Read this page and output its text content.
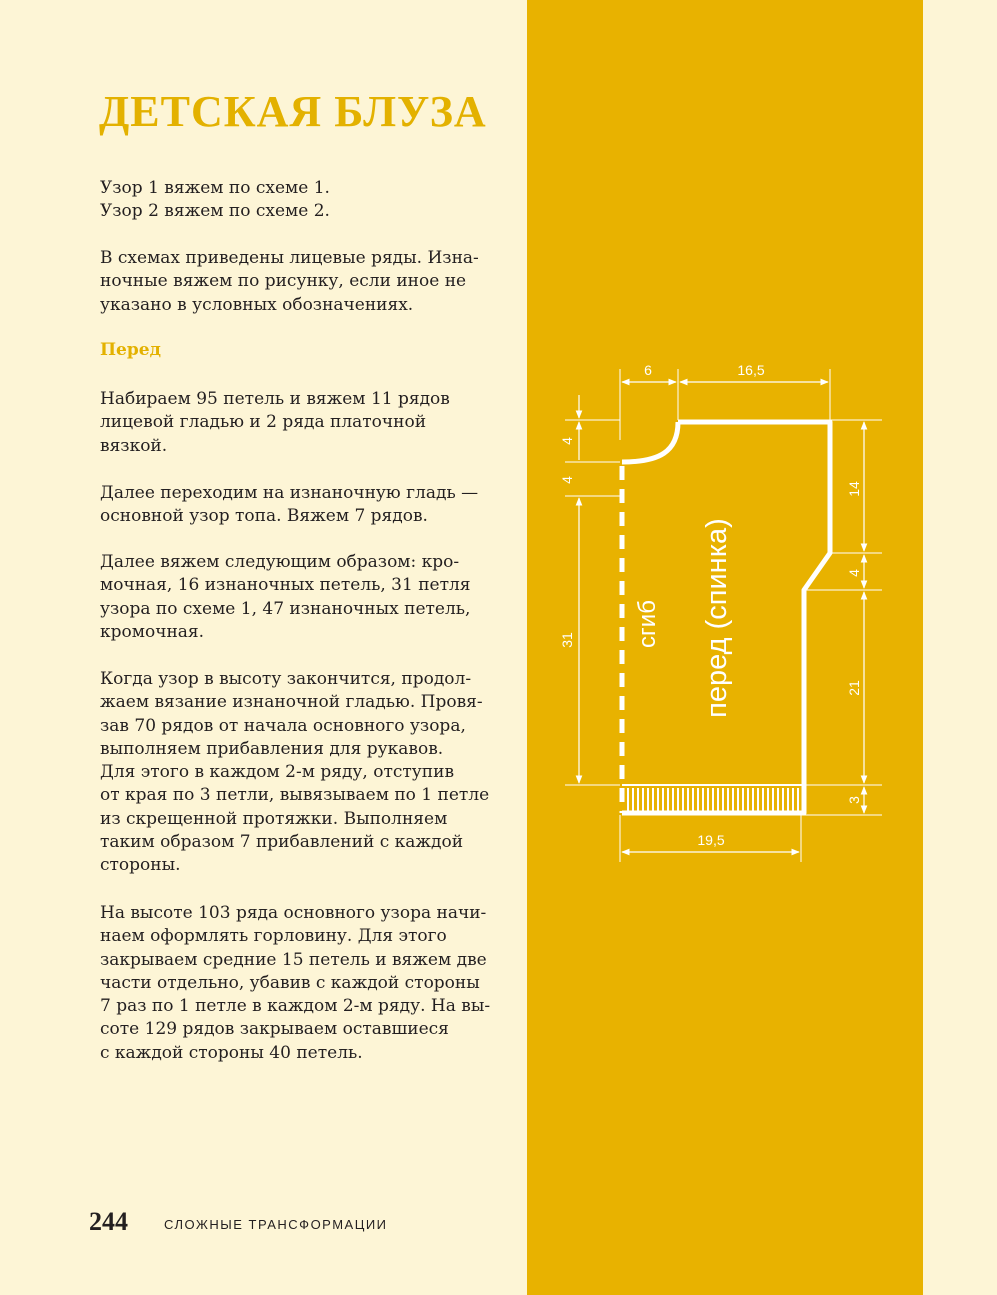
ДЕТСКАЯ БЛУЗА

Узор 1 вяжем по схеме 1.

Узор 2 вяжем по схеме 2.

В схемах приведены лицевые ряды. Изна-

ночные вяжем по рисунку, если иное не

указано в условных обозначениях.

Перед

Набираем 95 петель и вяжем 11 рядов

лицевой гладью и 2 ряда платочной

вязкой.

Далее переходим на изнаночную гладь —

основной узор топа. Вяжем 7 рядов.

Далее вяжем следующим образом: кро-

мочная, 16 изнаночных петель, 31 петля

узора по схеме 1, 47 изнаночных петель,

кромочная.

Когда узор в высоту закончится, продол-

жаем вязание изнаночной гладью. Провя-

зав 70 рядов от начала основного узора,

выполняем прибавления для рукавов.

Для этого в каждом 2-м ряду, отступив

от края по 3 петли, вывязываем по 1 петле

из скрещенной протяжки. Выполняем

таким образом 7 прибавлений с каждой

стороны.

На высоте 103 ряда основного узора начи-

наем оформлять горловину. Для этого

закрываем средние 15 петель и вяжем две

части отдельно, убавив с каждой стороны

7 раз по 1 петле в каждом 2-м ряду. На вы-

соте 129 рядов закрываем оставшиеся

с каждой стороны 40 петель.

6	16,5
4
4
31
14
4
21
3
19,5
сгиб перед (спинка)
244	СЛОЖНЫЕ ТРАНСФОРМАЦИИ
